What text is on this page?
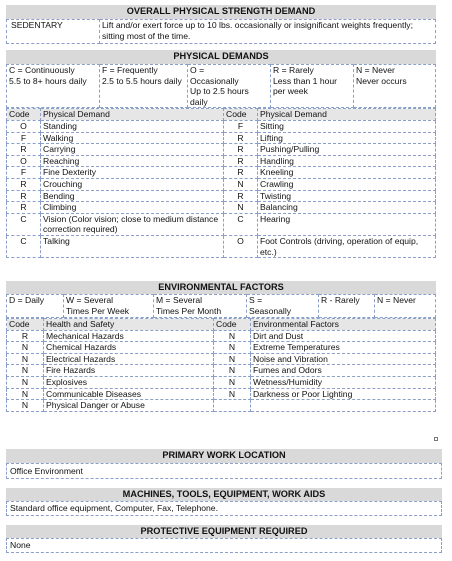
OVERALL PHYSICAL STRENGTH DEMAND
SEDENTARY	Lift and/or exert force up to 10 lbs. occasionally or insignificant weights frequently; sitting most of the time.
PHYSICAL DEMANDS
C = Continuously
5.5 to 8+ hours daily	F = Frequently
2.5 to 5.5 hours daily	O =
Occasionally
Up to 2.5 hours daily	R = Rarely
Less than 1 hour per week	N = Never
Never occurs
Code	Physical Demand	Code	Physical Demand
O	Standing	F	Sitting
F	Walking	R	Lifting
R	Carrying	R	Pushing/Pulling
O	Reaching	R	Handling
F	Fine Dexterity	R	Kneeling
R	Crouching	N	Crawling
R	Bending	R	Twisting
R	Climbing	N	Balancing
C	Vision (Color vision; close to medium distance correction required)	C	Hearing
C	Talking	O	Foot Controls (driving, operation of equip, etc.)
ENVIRONMENTAL FACTORS
D = Daily	W = Several
Times Per Week	M = Several
Times Per Month	S =
Seasonally	R - Rarely	N = Never
Code	Health and Safety	Code	Environmental Factors
R	Mechanical Hazards	N	Dirt and Dust
N	Chemical Hazards	N	Extreme Temperatures
N	Electrical Hazards	N	Noise and Vibration
N	Fire Hazards	N	Fumes and Odors
N	Explosives	N	Wetness/Humidity
N	Communicable Diseases	N	Darkness or Poor Lighting
N	Physical Danger or Abuse		
PRIMARY WORK LOCATION
Office Environment
MACHINES, TOOLS, EQUIPMENT, WORK AIDS
Standard office equipment, Computer, Fax, Telephone.
PROTECTIVE EQUIPMENT REQUIRED
None
